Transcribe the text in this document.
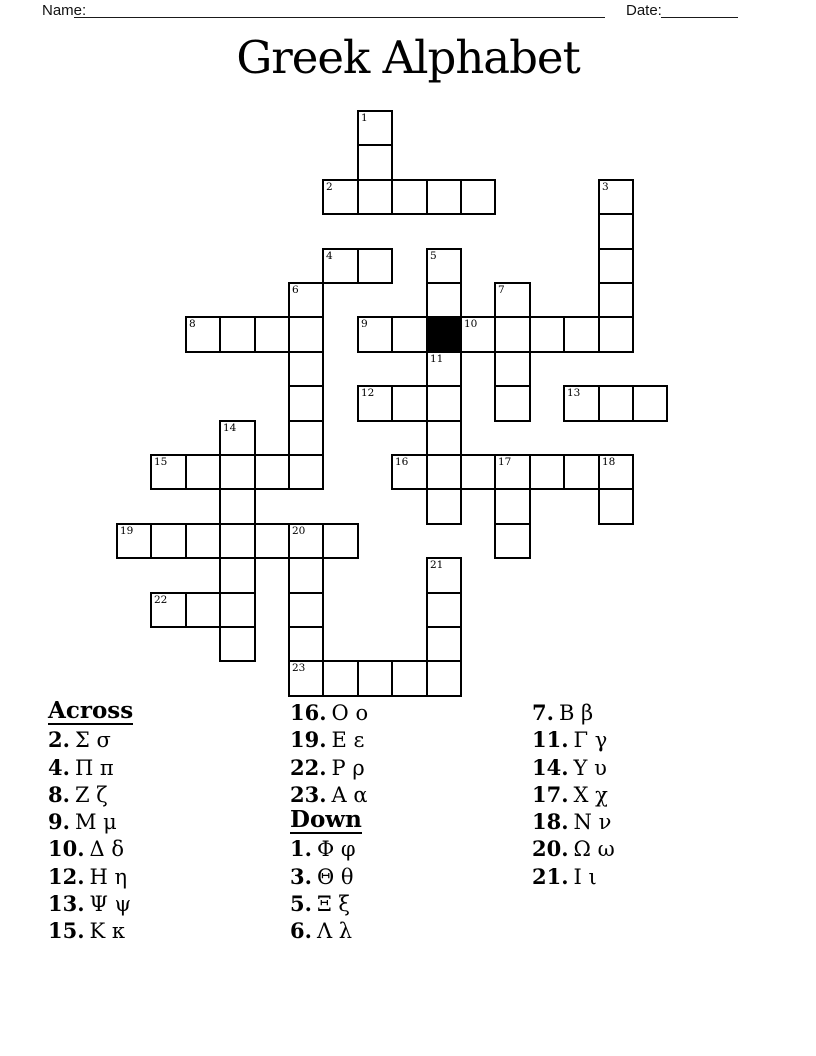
Name:	Date:
Greek Alphabet
1
2	3
4	5
6	7
8	9	10
11
12	13
14
15	16	17	18
19	20
21
22
23
Across
2. Σ σ
4. Π π
8. Ζ ζ
9. Μ μ
10. Δ δ
12. Η η
13. Ψ ψ
15. Κ κ
16. Ο ο
19. Ε ε
22. Ρ ρ
23. Α α
Down
1. Φ φ
3. Θ θ
5. Ξ ξ
6. Λ λ
7. Β β
11. Γ γ
14. Υ υ
17. Χ χ
18. Ν ν
20. Ω ω
21. Ι ι
